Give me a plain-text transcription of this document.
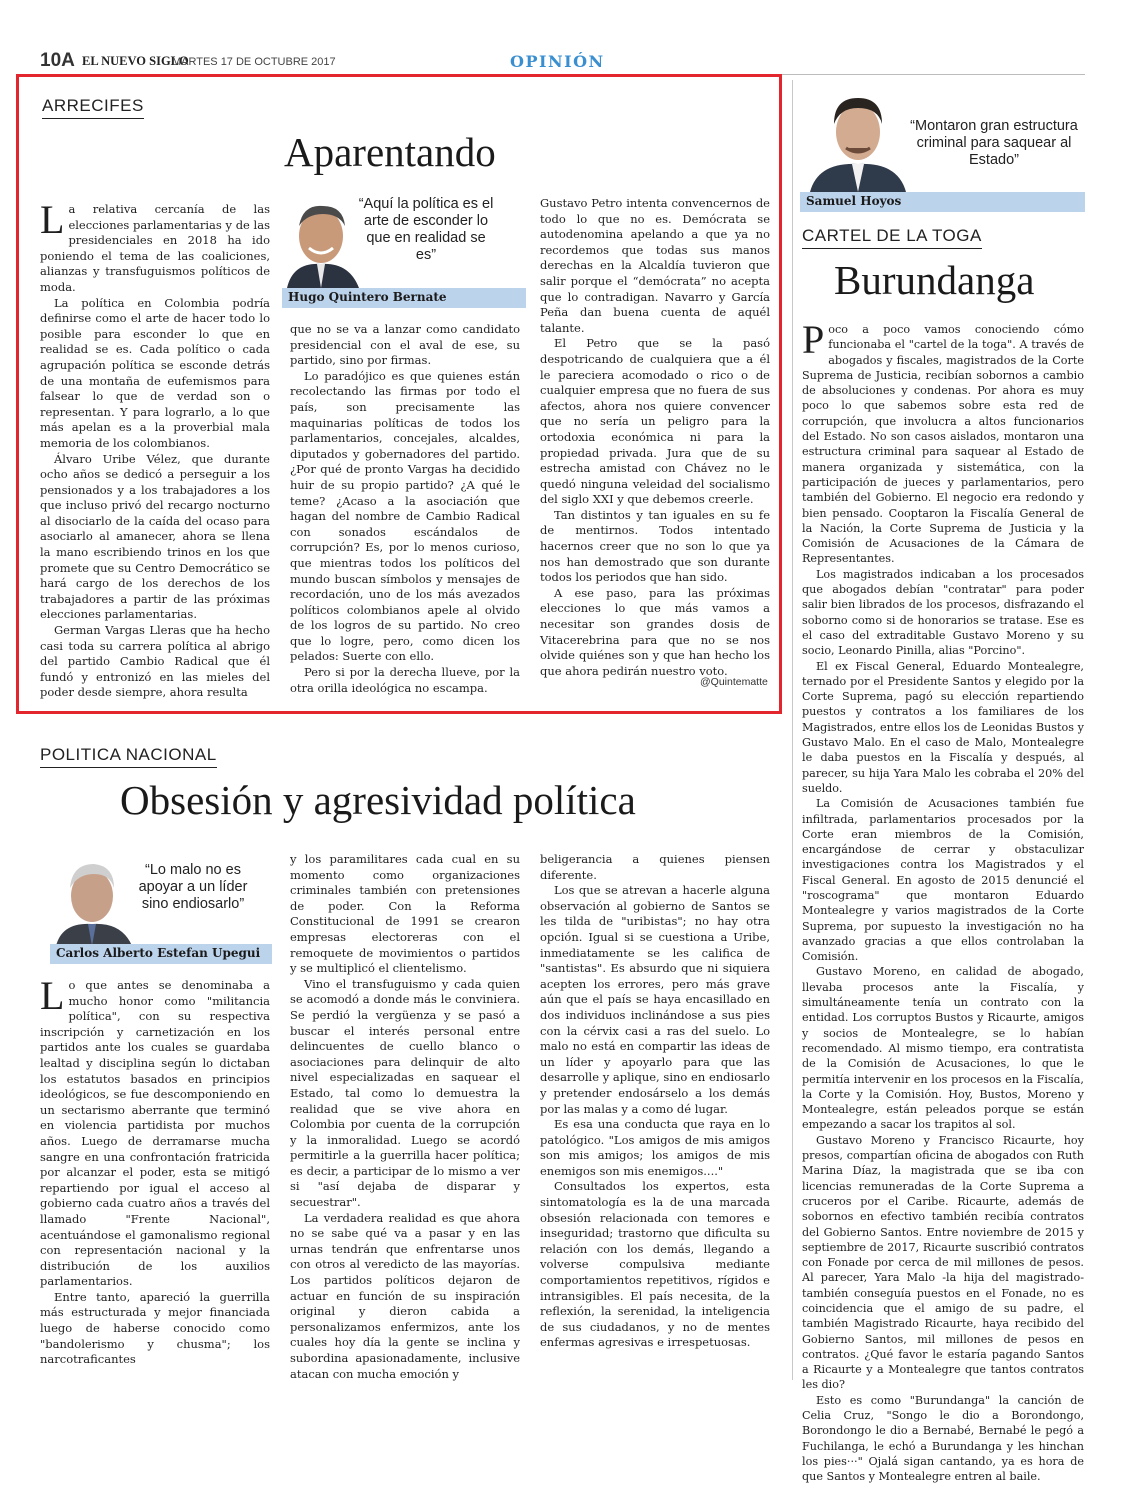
10A EL NUEVO SIGLO
MARTES 17 DE OCTUBRE 2017	OPINIÓN
ARRECIFES
Aparentando
“Aquí la política es el arte de esconder lo que en realidad se es”
Hugo Quintero Bernate

La relativa cercanía de las elecciones parlamentarias y de las presidenciales en 2018 ha ido poniendo el tema de las coaliciones, alianzas y transfuguismos políticos de moda.

La política en Colombia podría definirse como el arte de hacer todo lo posible para esconder lo que en realidad se es. Cada político o cada agrupación política se esconde detrás de una montaña de eufemismos para falsear lo que de verdad son o representan. Y para lograrlo, a lo que más apelan es a la proverbial mala memoria de los colombianos.

Álvaro Uribe Vélez, que durante ocho años se dedicó a perseguir a los pensionados y a los trabajadores a los que incluso privó del recargo nocturno al disociarlo de la caída del ocaso para asociarlo al amanecer, ahora se llena la mano escribiendo trinos en los que promete que su Centro Democrático se hará cargo de los derechos de los trabajadores a partir de las próximas elecciones parlamentarias.

German Vargas Lleras que ha hecho casi toda su carrera política al abrigo del partido Cambio Radical que él fundó y entronizó en las mieles del poder desde siempre, ahora resulta

que no se va a lanzar como candidato presidencial con el aval de ese, su partido, sino por firmas.

Lo paradójico es que quienes están recolectando las firmas por todo el país, son precisamente las maquinarias políticas de todos los parlamentarios, concejales, alcaldes, diputados y gobernadores del partido. ¿Por qué de pronto Vargas ha decidido huir de su propio partido? ¿A qué le teme? ¿Acaso a la asociación que hagan del nombre de Cambio Radical con sonados escándalos de corrupción? Es, por lo menos curioso, que mientras todos los políticos del mundo buscan símbolos y mensajes de recordación, uno de los más avezados políticos colombianos apele al olvido de los logros de su partido. No creo que lo logre, pero, como dicen los pelados: Suerte con ello.

Pero si por la derecha llueve, por la otra orilla ideológica no escampa.

Gustavo Petro intenta convencernos de todo lo que no es. Demócrata se autodenomina apelando a que ya no recordemos que todas sus manos derechas en la Alcaldía tuvieron que salir porque el “demócrata” no acepta que lo contradigan. Navarro y García Peña dan buena cuenta de aquél talante.

El Petro que se la pasó despotricando de cualquiera que a él le pareciera acomodado o rico o de cualquier empresa que no fuera de sus afectos, ahora nos quiere convencer que no sería un peligro para la ortodoxia económica ni para la propiedad privada. Jura que de su estrecha amistad con Chávez no le quedó ninguna veleidad del socialismo del siglo XXI y que debemos creerle.

Tan distintos y tan iguales en su fe de mentirnos. Todos intentado hacernos creer que no son lo que ya nos han demostrado que son durante todos los periodos que han sido.

A ese paso, para las próximas elecciones lo que más vamos a necesitar son grandes dosis de Vitacerebrina para que no se nos olvide quiénes son y que han hecho los que ahora pedirán nuestro voto.

@Quintematte
POLITICA NACIONAL
Obsesión y agresividad política
“Lo malo no es apoyar a un líder sino endiosarlo”
Carlos Alberto Estefan Upegui

Lo que antes se denominaba a mucho honor como "militancia política", con su respectiva inscripción y carnetización en los partidos ante los cuales se guardaba lealtad y disciplina según lo dictaban los estatutos basados en principios ideológicos, se fue descomponiendo en un sectarismo aberrante que terminó en violencia partidista por muchos años. Luego de derramarse mucha sangre en una confrontación fratricida por alcanzar el poder, esta se mitigó repartiendo por igual el acceso al gobierno cada cuatro años a través del llamado "Frente Nacional", acentuándose el gamonalismo regional con representación nacional y la distribución de los auxilios parlamentarios.

Entre tanto, apareció la guerrilla más estructurada y mejor financiada luego de haberse conocido como "bandolerismo y chusma"; los narcotraficantes

y los paramilitares cada cual en su momento como organizaciones criminales también con pretensiones de poder. Con la Reforma Constitucional de 1991 se crearon empresas electoreras con el remoquete de movimientos o partidos y se multiplicó el clientelismo.

Vino el transfuguismo y cada quien se acomodó a donde más le conviniera. Se perdió la vergüenza y se pasó a buscar el interés personal entre delincuentes de cuello blanco o asociaciones para delinquir de alto nivel especializadas en saquear el Estado, tal como lo demuestra la realidad que se vive ahora en Colombia por cuenta de la corrupción y la inmoralidad. Luego se acordó permitirle a la guerrilla hacer política; es decir, a participar de lo mismo a ver si "así dejaba de disparar y secuestrar".

La verdadera realidad es que ahora no se sabe qué va a pasar y en las urnas tendrán que enfrentarse unos con otros al veredicto de las mayorías. Los partidos políticos dejaron de actuar en función de su inspiración original y dieron cabida a personalizamos enfermizos, ante los cuales hoy día la gente se inclina y subordina apasionadamente, inclusive atacan con mucha emoción y

beligerancia a quienes piensen diferente.

Los que se atrevan a hacerle alguna observación al gobierno de Santos se les tilda de "uribistas"; no hay otra opción. Igual si se cuestiona a Uribe, inmediatamente se les califica de "santistas". Es absurdo que ni siquiera acepten los errores, pero más grave aún que el país se haya encasillado en dos individuos inclinándose a sus pies con la cérvix casi a ras del suelo. Lo malo no está en compartir las ideas de un líder y apoyarlo para que las desarrolle y aplique, sino en endiosarlo y pretender endosárselo a los demás por las malas y a como dé lugar.

Es esa una conducta que raya en lo patológico. "Los amigos de mis amigos son mis amigos; los amigos de mis enemigos son mis enemigos...."

Consultados los expertos, esta sintomatología es la de una marcada obsesión relacionada con temores e inseguridad; trastorno que dificulta su relación con los demás, llegando a volverse compulsiva mediante comportamientos repetitivos, rígidos e intransigibles. El país necesita, de la reflexión, la serenidad, la inteligencia de sus ciudadanos, y no de mentes enfermas agresivas e irrespetuosas.

“Montaron gran estructura criminal para saquear al Estado”
Samuel Hoyos
CARTEL DE LA TOGA
Burundanga

Poco a poco vamos conociendo cómo funcionaba el "cartel de la toga". A través de abogados y fiscales, magistrados de la Corte Suprema de Justicia, recibían sobornos a cambio de absoluciones y condenas. Por ahora es muy poco lo que sabemos sobre esta red de corrupción, que involucra a altos funcionarios del Estado. No son casos aislados, montaron una estructura criminal para saquear al Estado de manera organizada y sistemática, con la participación de jueces y parlamentarios, pero también del Gobierno. El negocio era redondo y bien pensado. Cooptaron la Fiscalía General de la Nación, la Corte Suprema de Justicia y la Comisión de Acusaciones de la Cámara de Representantes.

Los magistrados indicaban a los procesados que abogados debían "contratar" para poder salir bien librados de los procesos, disfrazando el soborno como si de honorarios se tratase. Ese es el caso del extraditable Gustavo Moreno y su socio, Leonardo Pinilla, alias "Porcino".

El ex Fiscal General, Eduardo Montealegre, ternado por el Presidente Santos y elegido por la Corte Suprema, pagó su elección repartiendo puestos y contratos a los familiares de los Magistrados, entre ellos los de Leonidas Bustos y Gustavo Malo. En el caso de Malo, Montealegre le daba puestos en la Fiscalía y después, al parecer, su hija Yara Malo les cobraba el 20% del sueldo.

La Comisión de Acusaciones también fue infiltrada, parlamentarios procesados por la Corte eran miembros de la Comisión, encargándose de cerrar y obstaculizar investigaciones contra los Magistrados y el Fiscal General. En agosto de 2015 denuncié el "roscograma" que montaron Eduardo Montealegre y varios magistrados de la Corte Suprema, por supuesto la investigación no ha avanzado gracias a que ellos controlaban la Comisión.

Gustavo Moreno, en calidad de abogado, llevaba procesos ante la Fiscalía, y simultáneamente tenía un contrato con la entidad. Los corruptos Bustos y Ricaurte, amigos y socios de Montealegre, se lo habían recomendado. Al mismo tiempo, era contratista de la Comisión de Acusaciones, lo que le permitía intervenir en los procesos en la Fiscalía, la Corte y la Comisión. Hoy, Bustos, Moreno y Montealegre, están peleados porque se están empezando a sacar los trapitos al sol.

Gustavo Moreno y Francisco Ricaurte, hoy presos, compartían oficina de abogados con Ruth Marina Díaz, la magistrada que se iba con licencias remuneradas de la Corte Suprema a cruceros por el Caribe. Ricaurte, además de sobornos en efectivo también recibía contratos del Gobierno Santos. Entre noviembre de 2015 y septiembre de 2017, Ricaurte suscribió contratos con Fonade por cerca de mil millones de pesos. Al parecer, Yara Malo -la hija del magistrado- también conseguía puestos en el Fonade, no es coincidencia que el amigo de su padre, el también Magistrado Ricaurte, haya recibido del Gobierno Santos, mil millones de pesos en contratos. ¿Qué favor le estaría pagando Santos a Ricaurte y a Montealegre que tantos contratos les dio?

Esto es como "Burundanga" la canción de Celia Cruz, "Songo le dio a Borondongo, Borondongo le dio a Bernabé, Bernabé le pegó a Fuchilanga, le echó a Burundanga y les hinchan los pies···" Ojalá sigan cantando, ya es hora de que Santos y Montealegre entren al baile.
